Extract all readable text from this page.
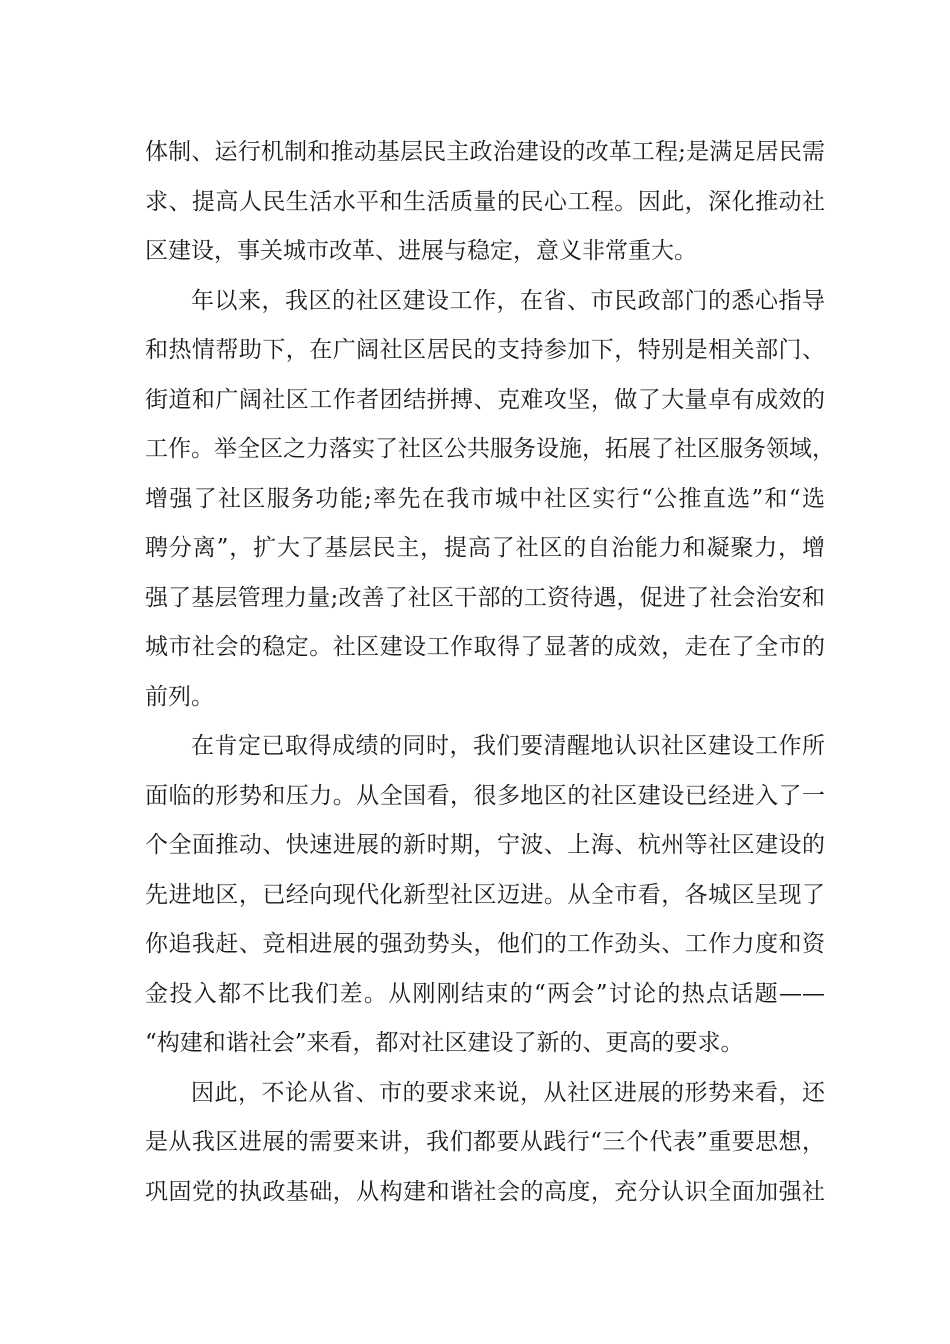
体制、运行机制和推动基层民主政治建设的改革工程;是满足居民需
求、提高人民生活水平和生活质量的民心工程。因此，深化推动社
区建设，事关城市改革、进展与稳定，意义非常重大。
年以来，我区的社区建设工作，在省、市民政部门的悉心指导
和热情帮助下，在广阔社区居民的支持参加下，特别是相关部门、
街道和广阔社区工作者团结拼搏、克难攻坚，做了大量卓有成效的
工作。举全区之力落实了社区公共服务设施，拓展了社区服务领域，
增强了社区服务功能;率先在我市城中社区实行“公推直选”和“选
聘分离”，扩大了基层民主，提高了社区的自治能力和凝聚力，增
强了基层管理力量;改善了社区干部的工资待遇，促进了社会治安和
城市社会的稳定。社区建设工作取得了显著的成效，走在了全市的
前列。
在肯定已取得成绩的同时，我们要清醒地认识社区建设工作所
面临的形势和压力。从全国看，很多地区的社区建设已经进入了一
个全面推动、快速进展的新时期，宁波、上海、杭州等社区建设的
先进地区，已经向现代化新型社区迈进。从全市看，各城区呈现了
你追我赶、竞相进展的强劲势头，他们的工作劲头、工作力度和资
金投入都不比我们差。从刚刚结束的“两会”讨论的热点话题——
“构建和谐社会”来看，都对社区建设了新的、更高的要求。
因此，不论从省、市的要求来说，从社区进展的形势来看，还
是从我区进展的需要来讲，我们都要从践行“三个代表”重要思想，
巩固党的执政基础，从构建和谐社会的高度，充分认识全面加强社
